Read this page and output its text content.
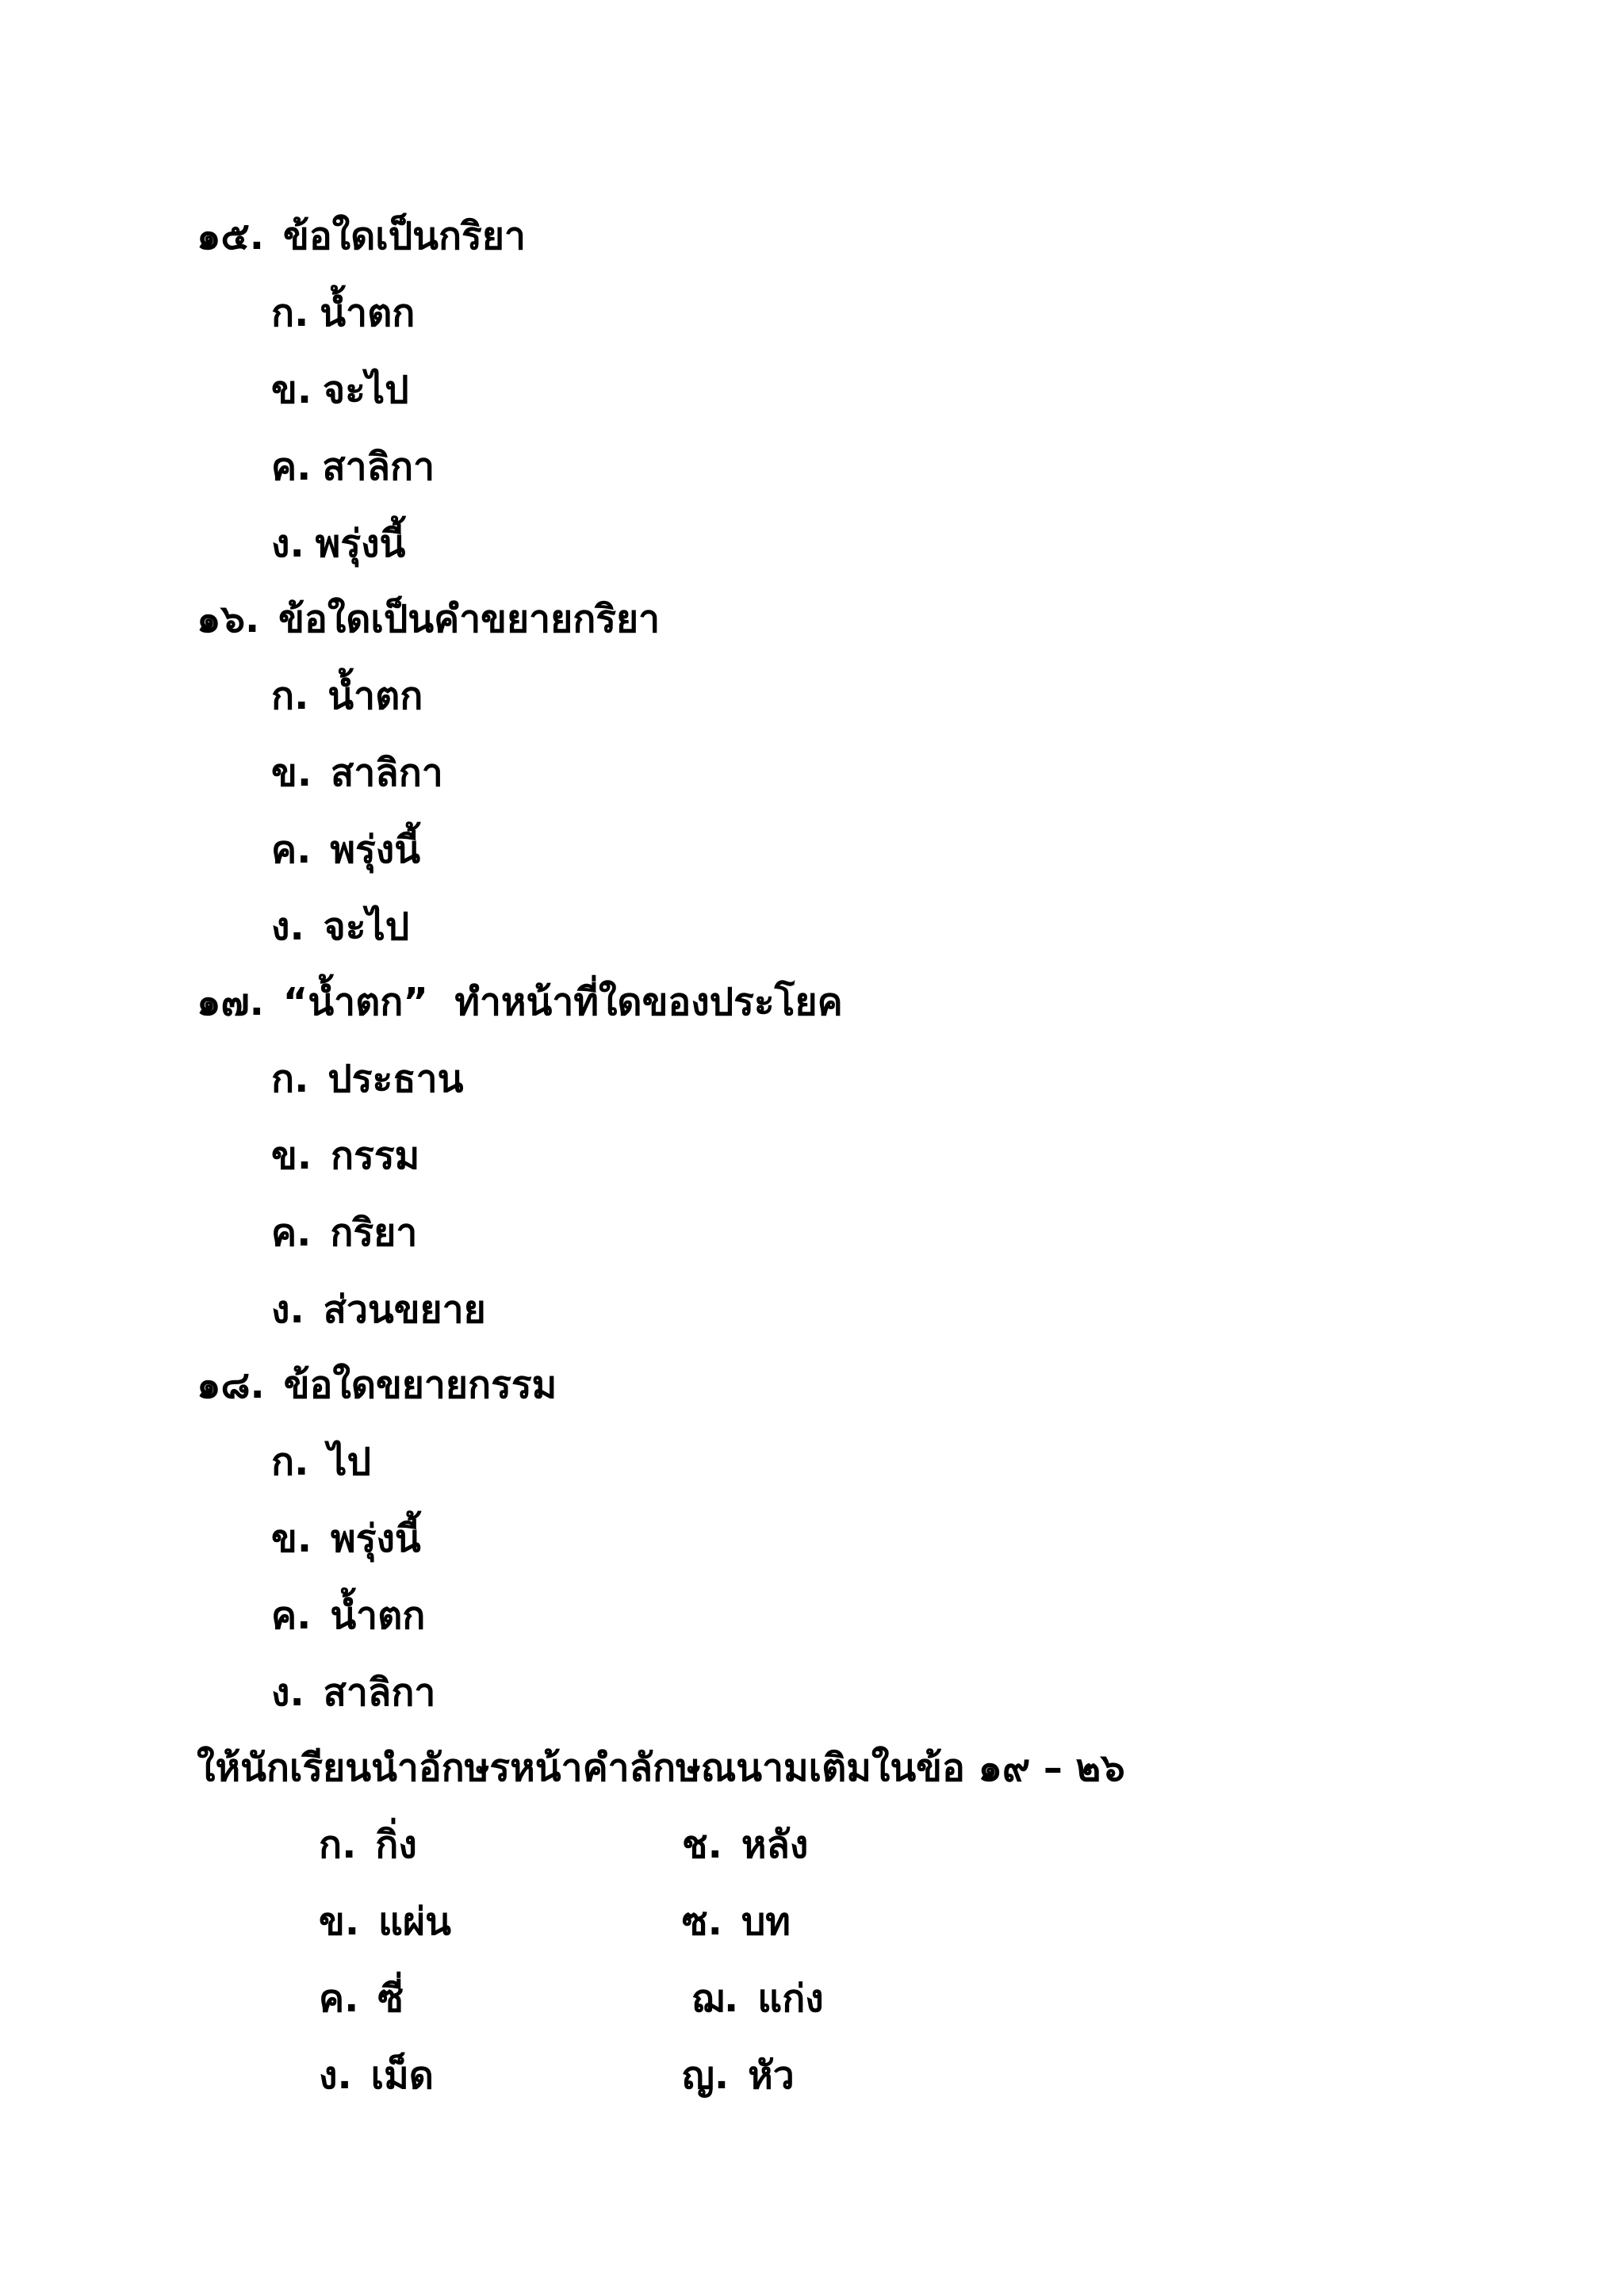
๑๕. ข้อใดเป็นกริยา
ก. น้ำตก
ข. จะไป
ค. สาลิกา
ง. พรุ่งนี้
๑๖. ข้อใดเป็นคำขยายกริยา
ก. น้ำตก
ข. สาลิกา
ค. พรุ่งนี้
ง. จะไป
๑๗. “น้ำตก”  ทำหน้าที่ใดของประโยค
ก. ประธาน
ข. กรรม
ค. กริยา
ง. ส่วนขยาย
๑๘. ข้อใดขยายกรรม
ก. ไป
ข. พรุ่งนี้
ค. น้ำตก
ง. สาลิกา
ให้นักเรียนนำอักษรหน้าคำลักษณนามเติมในข้อ ๑๙ – ๒๖
ก. กิ่ง	ช. หลัง
ข. แผ่น	ซ. บท
ค. ซี่	ฌ. แก่ง
ง. เม็ด	ญ. หัว
